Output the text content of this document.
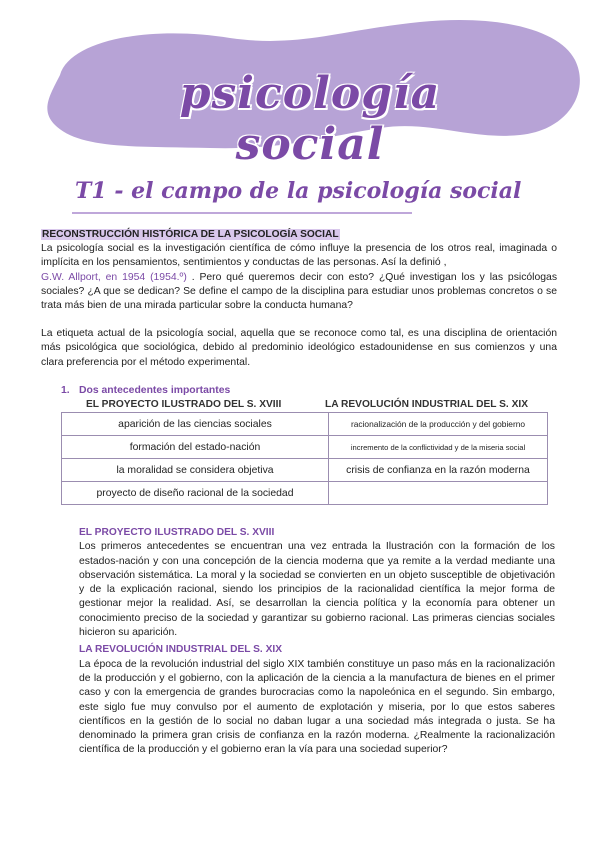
psicología social
T1 - el campo de la psicología social
RECONSTRUCCIÓN HISTÓRICA DE LA PSICOLOGÍA SOCIAL

La psicología social es la investigación científica de cómo influye la presencia de los otros real, imaginada o implícita en los pensamientos, sentimientos y conductas de las personas. Así la definió ,
G.W. Allport, en 1954 (1954.º) . Pero qué queremos decir con esto? ¿Qué investigan los y las psicólogas sociales? ¿A que se dedican? Se define el campo de la disciplina para estudiar unos problemas concretos o se trata más bien de una mirada particular sobre la conducta humana?

La etiqueta actual de la psicología social, aquella que se reconoce como tal, es una disciplina de orientación más psicológica que sociológica, debido al predominio ideológico estadounidense en sus comienzos y una clara preferencia por el método experimental.

1. Dos antecedentes importantes
EL PROYECTO ILUSTRADO DEL S. XVIII	LA REVOLUCIÓN INDUSTRIAL DEL S. XIX
aparición de las ciencias sociales	racionalización de la producción y del gobierno
formación del estado-nación	incremento de la conflictividad y de la miseria social
la moralidad se considera objetiva	crisis de confianza en la razón moderna
proyecto de diseño racional de la sociedad	
EL PROYECTO ILUSTRADO DEL S. XVIII

Los primeros antecedentes se encuentran una vez entrada la Ilustración con la formación de los estados-nación y con una concepción de la ciencia moderna que ya remite a la verdad mediante una observación sistemática. La moral y la sociedad se convierten en un objeto susceptible de objetivación y de la explicación racional, siendo los principios de la racionalidad científica la mejor forma de gestionar mejor la realidad. Así, se desarrollan la ciencia política y la economía para obtener un conocimiento preciso de la sociedad y garantizar su gobierno racional. Las primeras ciencias sociales hicieron su aparición.

LA REVOLUCIÓN INDUSTRIAL DEL S. XIX

La época de la revolución industrial del siglo XIX también constituye un paso más en la racionalización de la producción y el gobierno, con la aplicación de la ciencia a la manufactura de bienes en el primer caso y con la emergencia de grandes burocracias como la napoleónica en el segundo. Sin embargo, este siglo fue muy convulso por el aumento de explotación y miseria, por lo que estos saberes científicos en la gestión de lo social no daban lugar a una sociedad más integrada o justa. Se ha denominado la primera gran crisis de confianza en la razón moderna. ¿Realmente la racionalización científica de la producción y el gobierno eran la vía para una sociedad superior?
